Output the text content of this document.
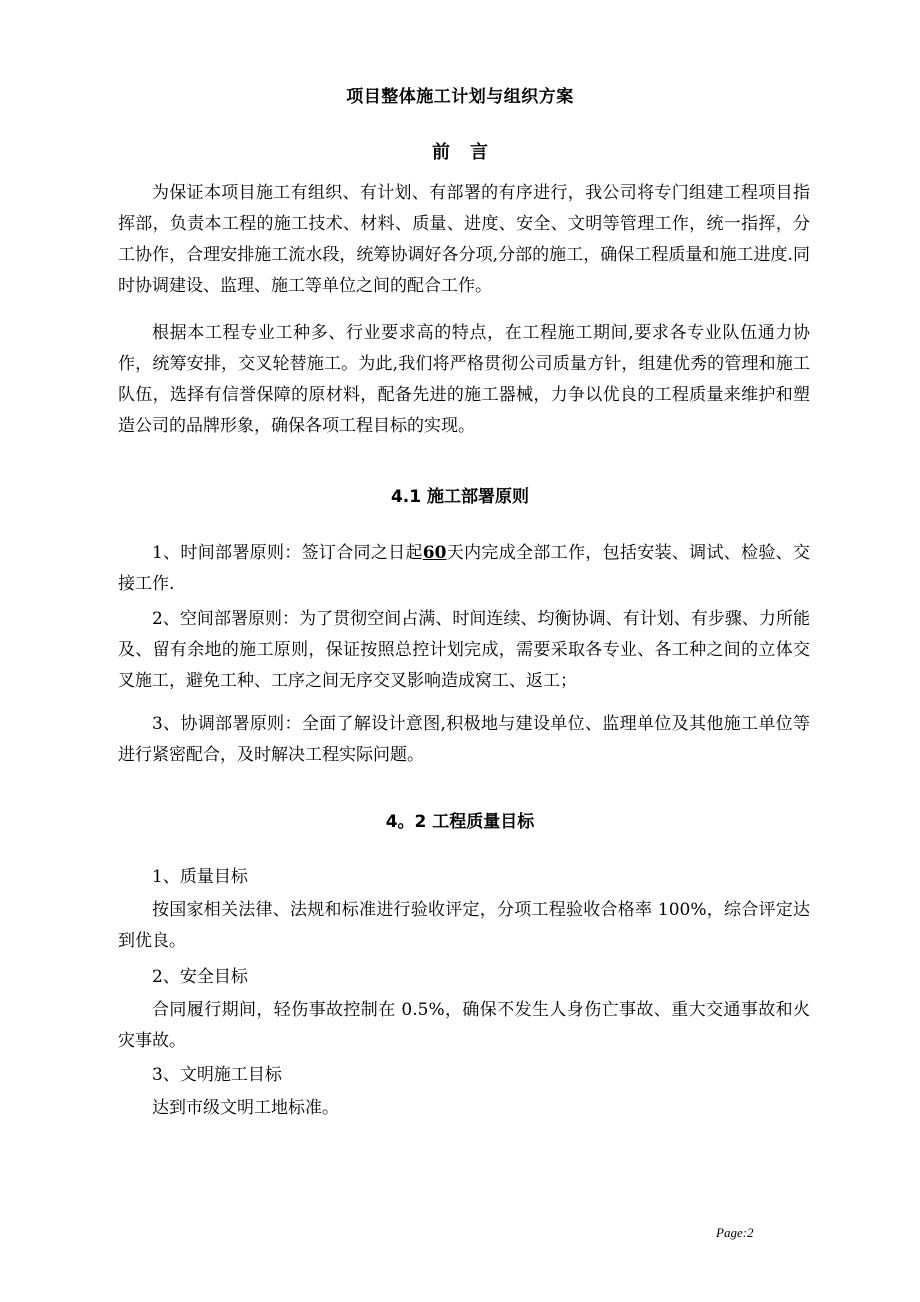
项目整体施工计划与组织方案
前言

为保证本项目施工有组织、有计划、有部署的有序进行，我公司将专门组建工程项目指挥部，负责本工程的施工技术、材料、质量、进度、安全、文明等管理工作，统一指挥，分工协作，合理安排施工流水段，统筹协调好各分项,分部的施工，确保工程质量和施工进度.同时协调建设、监理、施工等单位之间的配合工作。

根据本工程专业工种多、行业要求高的特点，在工程施工期间,要求各专业队伍通力协作，统筹安排，交叉轮替施工。为此,我们将严格贯彻公司质量方针，组建优秀的管理和施工队伍，选择有信誉保障的原材料，配备先进的施工器械，力争以优良的工程质量来维护和塑造公司的品牌形象，确保各项工程目标的实现。

4.1 施工部署原则

1、时间部署原则：签订合同之日起60天内完成全部工作，包括安装、调试、检验、交接工作.

2、空间部署原则：为了贯彻空间占满、时间连续、均衡协调、有计划、有步骤、力所能及、留有余地的施工原则，保证按照总控计划完成，需要采取各专业、各工种之间的立体交叉施工，避免工种、工序之间无序交叉影响造成窝工、返工；

3、协调部署原则：全面了解设计意图,积极地与建设单位、监理单位及其他施工单位等进行紧密配合，及时解决工程实际问题。

4。2 工程质量目标

1、质量目标

按国家相关法律、法规和标准进行验收评定，分项工程验收合格率 100%，综合评定达到优良。

2、安全目标

合同履行期间，轻伤事故控制在 0.5%，确保不发生人身伤亡事故、重大交通事故和火灾事故。

3、文明施工目标

达到市级文明工地标准。

Page:2
